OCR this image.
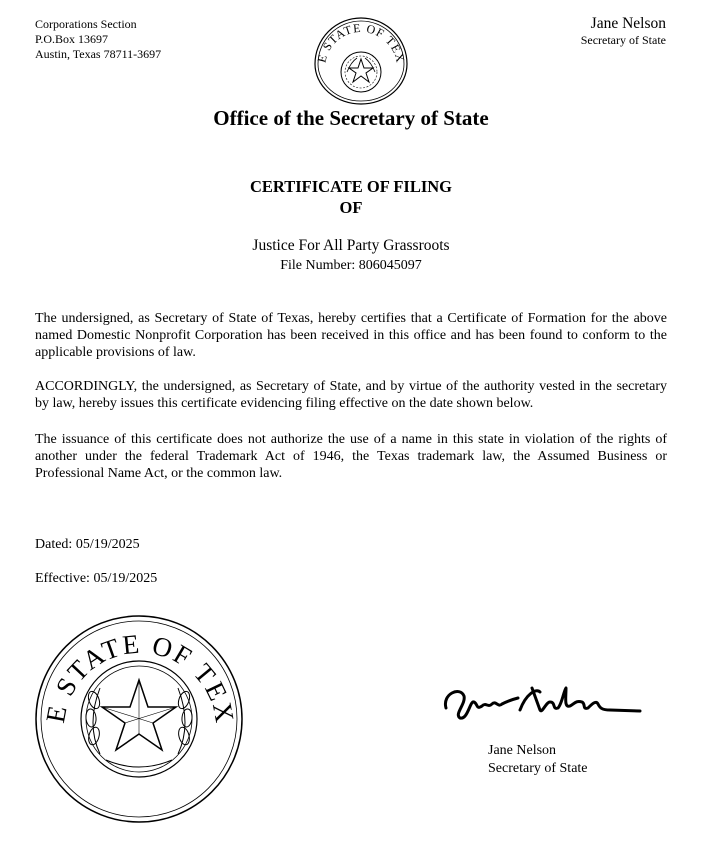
Corporations Section
P.O.Box 13697
Austin, Texas 78711-3697
Jane Nelson
Secretary of State
E STATE OF TEX
Office of the Secretary of State
CERTIFICATE OF FILING
OF
Justice For All Party Grassroots
File Number: 806045097
The undersigned, as Secretary of State of Texas, hereby certifies that a Certificate of Formation for the above named Domestic Nonprofit Corporation has been received in this office and has been found to conform to the applicable provisions of law.
ACCORDINGLY, the undersigned, as Secretary of State, and by virtue of the authority vested in the secretary by law, hereby issues this certificate evidencing filing effective on the date shown below.
The issuance of this certificate does not authorize the use of a name in this state in violation of the rights of another under the federal Trademark Act of 1946, the Texas trademark law, the Assumed Business or Professional Name Act, or the common law.
Dated: 05/19/2025
Effective: 05/19/2025
E STATE OF TEX
Jane Nelson
Secretary of State
